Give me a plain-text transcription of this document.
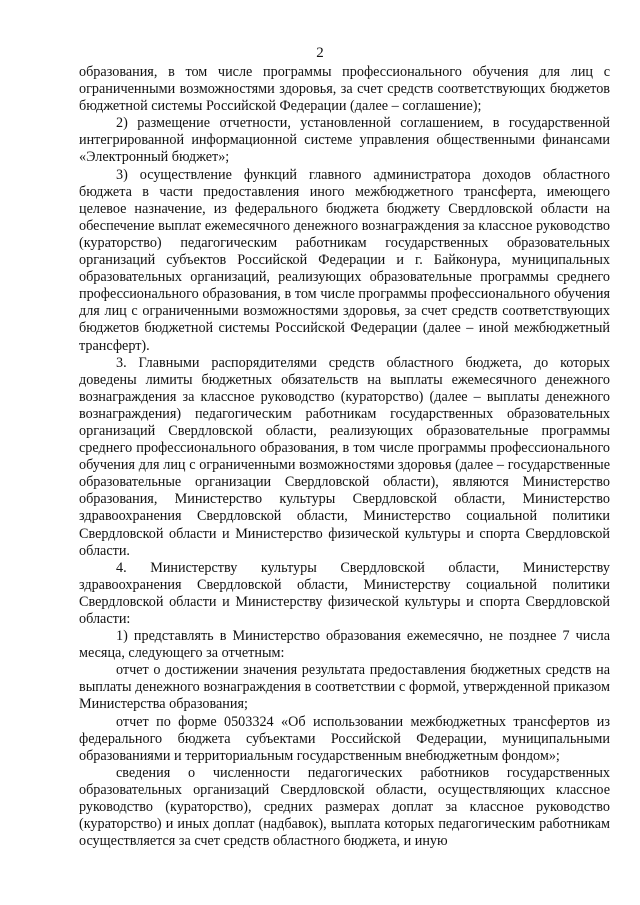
2

образования, в том числе программы профессионального обучения для лиц с ограниченными возможностями здоровья, за счет средств соответствующих бюджетов бюджетной системы Российской Федерации (далее – соглашение);

2) размещение отчетности, установленной соглашением, в государственной интегрированной информационной системе управления общественными финансами «Электронный бюджет»;

3) осуществление функций главного администратора доходов областного бюджета в части предоставления иного межбюджетного трансферта, имеющего целевое назначение, из федерального бюджета бюджету Свердловской области на обеспечение выплат ежемесячного денежного вознаграждения за классное руководство (кураторство) педагогическим работникам государственных образовательных организаций субъектов Российской Федерации и г. Байконура, муниципальных образовательных организаций, реализующих образовательные программы среднего профессионального образования, в том числе программы профессионального обучения для лиц с ограниченными возможностями здоровья, за счет средств соответствующих бюджетов бюджетной системы Российской Федерации (далее – иной межбюджетный трансферт).

3. Главными распорядителями средств областного бюджета, до которых доведены лимиты бюджетных обязательств на выплаты ежемесячного денежного вознаграждения за классное руководство (кураторство) (далее – выплаты денежного вознаграждения) педагогическим работникам государственных образовательных организаций Свердловской области, реализующих образовательные программы среднего профессионального образования, в том числе программы профессионального обучения для лиц с ограниченными возможностями здоровья (далее – государственные образовательные организации Свердловской области), являются Министерство образования, Министерство культуры Свердловской области, Министерство здравоохранения Свердловской области, Министерство социальной политики Свердловской области и Министерство физической культуры и спорта Свердловской области.

4. Министерству культуры Свердловской области, Министерству здравоохранения Свердловской области, Министерству социальной политики Свердловской области и Министерству физической культуры и спорта Свердловской области:

1) представлять в Министерство образования ежемесячно, не позднее 7 числа месяца, следующего за отчетным:

отчет о достижении значения результата предоставления бюджетных средств на выплаты денежного вознаграждения в соответствии с формой, утвержденной приказом Министерства образования;

отчет по форме 0503324 «Об использовании межбюджетных трансфертов из федерального бюджета субъектами Российской Федерации, муниципальными образованиями и территориальным государственным внебюджетным фондом»;

сведения о численности педагогических работников государственных образовательных организаций Свердловской области, осуществляющих классное руководство (кураторство), средних размерах доплат за классное руководство (кураторство) и иных доплат (надбавок), выплата которых педагогическим работникам осуществляется за счет средств областного бюджета, и иную
